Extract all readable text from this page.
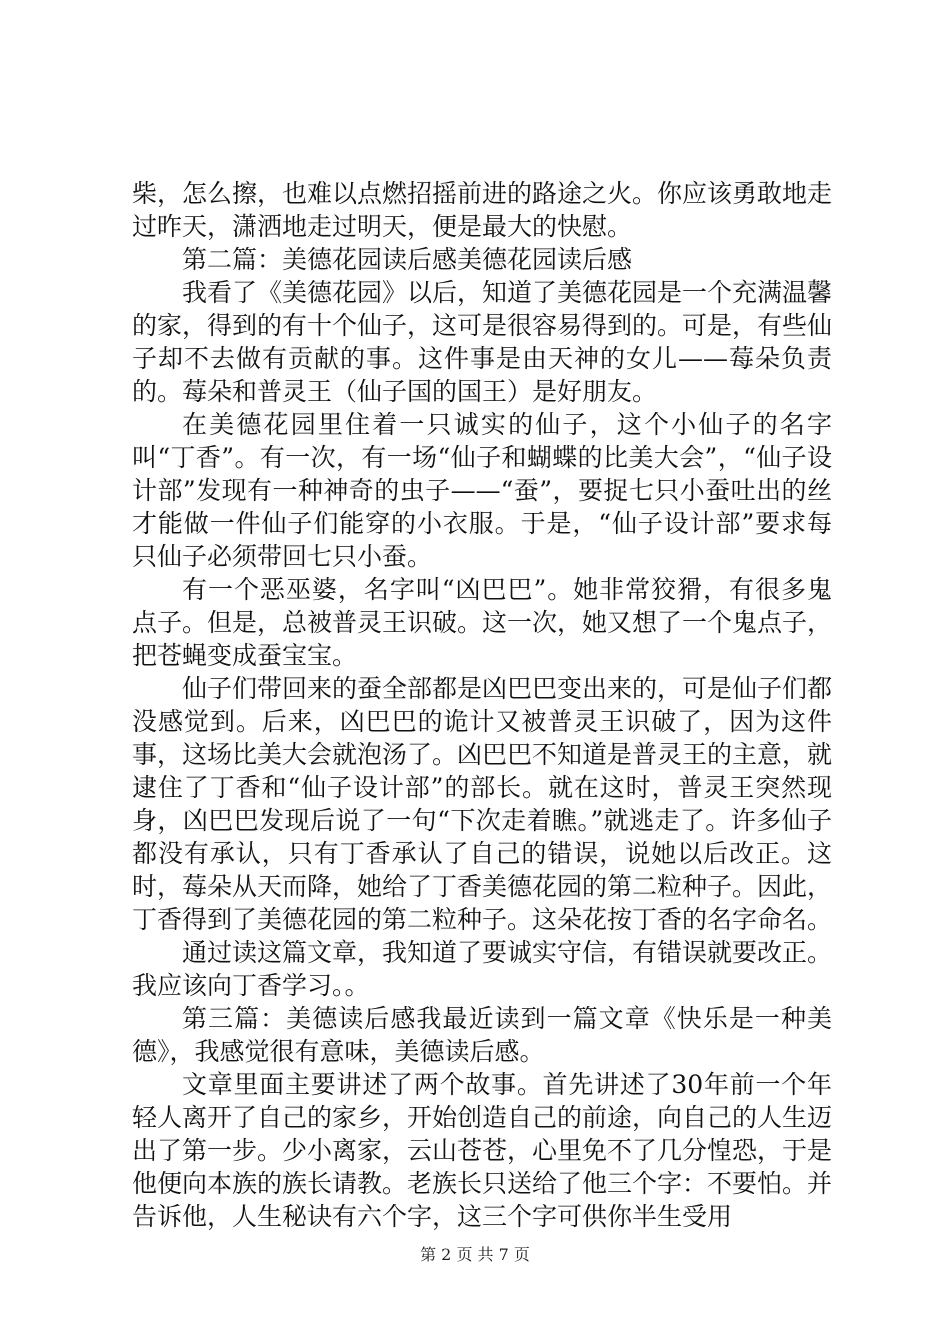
柴，怎么擦，也难以点燃招摇前进的路途之火。你应该勇敢地走过昨天，潇洒地走过明天，便是最大的快慰。

第二篇：美德花园读后感美德花园读后感

我看了《美德花园》以后，知道了美德花园是一个充满温馨的家，得到的有十个仙子，这可是很容易得到的。可是，有些仙子却不去做有贡献的事。这件事是由天神的女儿——莓朵负责的。莓朵和普灵王（仙子国的国王）是好朋友。

在美德花园里住着一只诚实的仙子，这个小仙子的名字叫“丁香”。有一次，有一场“仙子和蝴蝶的比美大会”，“仙子设计部”发现有一种神奇的虫子——“蚕”，要捉七只小蚕吐出的丝才能做一件仙子们能穿的小衣服。于是，“仙子设计部”要求每只仙子必须带回七只小蚕。

有一个恶巫婆，名字叫“凶巴巴”。她非常狡猾，有很多鬼点子。但是，总被普灵王识破。这一次，她又想了一个鬼点子，把苍蝇变成蚕宝宝。

仙子们带回来的蚕全部都是凶巴巴变出来的，可是仙子们都没感觉到。后来，凶巴巴的诡计又被普灵王识破了，因为这件事，这场比美大会就泡汤了。凶巴巴不知道是普灵王的主意，就逮住了丁香和“仙子设计部”的部长。就在这时，普灵王突然现身，凶巴巴发现后说了一句“下次走着瞧。”就逃走了。许多仙子都没有承认，只有丁香承认了自己的错误，说她以后改正。这时，莓朵从天而降，她给了丁香美德花园的第二粒种子。因此，丁香得到了美德花园的第二粒种子。这朵花按丁香的名字命名。

通过读这篇文章，我知道了要诚实守信，有错误就要改正。我应该向丁香学习。。

第三篇：美德读后感我最近读到一篇文章《快乐是一种美德》，我感觉很有意味，美德读后感。

文章里面主要讲述了两个故事。首先讲述了30年前一个年轻人离开了自己的家乡，开始创造自己的前途，向自己的人生迈出了第一步。少小离家，云山苍苍，心里免不了几分惶恐，于是他便向本族的族长请教。老族长只送给了他三个字：不要怕。并告诉他，人生秘诀有六个字，这三个字可供你半生受用

第 2 页 共 7 页
